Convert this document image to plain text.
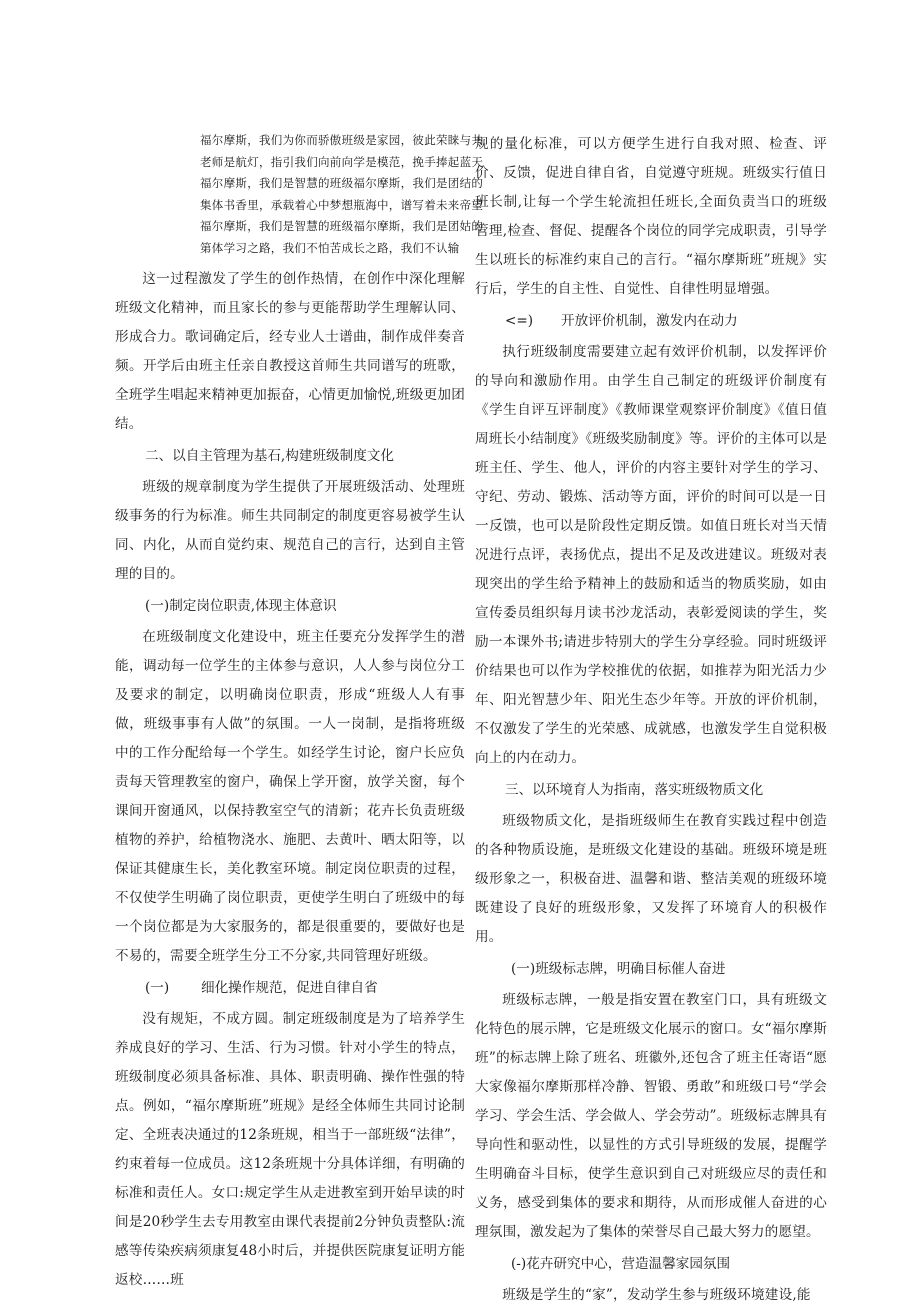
福尔摩斯，我们为你而骄傲班级是家园，彼此荣睐与共

老师是航灯，指引我们向前向学是模范，挽手捧起蓝天

福尔摩斯，我们是智慧的班级福尔摩斯，我们是团结的

集体书香里，承载着心中梦想瓶海中，谱写着未来帝望

福尔摩斯，我们是智慧的班级福尔摩斯，我们是团姑的

第体学习之路，我们不怕苦成长之路，我们不认输

这一过程激发了学生的创作热情，在创作中深化理解班级文化精神，而且家长的参与更能帮助学生理解认同、形成合力。歌词确定后，经专业人士谱曲，制作成伴奏音频。开学后由班主任亲自教授这首师生共同谱写的班歌，全班学生唱起来精神更加振奋，心情更加愉悦,班级更加团结。

二、以自主管理为基石,构建班级制度文化

班级的规章制度为学生提供了开展班级活动、处理班级事务的行为标准。师生共同制定的制度更容易被学生认同、内化，从而自觉约束、规范自己的言行，达到自主管理的目的。

(一)制定岗位职责,体现主体意识

在班级制度文化建设中，班主任要充分发挥学生的潜能，调动每一位学生的主体参与意识，人人参与岗位分工及要求的制定，以明确岗位职责，形成“班级人人有事做，班级事事有人做”的氛围。一人一岗制，是指将班级中的工作分配给每一个学生。如经学生讨论，窗户长应负责每天管理教室的窗户，确保上学开窗，放学关窗，每个课间开窗通风，以保持教室空气的清新；花卉长负责班级植物的养护，给植物浇水、施肥、去黄叶、晒太阳等，以保证其健康生长，美化教室环境。制定岗位职责的过程，不仅使学生明确了岗位职责，更使学生明白了班级中的每一个岗位都是为大家服务的，都是很重要的，要做好也是不易的，需要全班学生分工不分家,共同管理好班级。

(一) 细化操作规范，促进自律自省

没有规矩，不成方圆。制定班级制度是为了培养学生养成良好的学习、生活、行为习惯。针对小学生的特点，班级制度必须具备标准、具体、职责明确、操作性强的特点。例如，“福尔摩斯班”班规》是经全体师生共同讨论制定、全班表决通过的12条班规，相当于一部班级“法律”，约束着每一位成员。这12条班规十分具体详细，有明确的标准和责任人。女口:规定学生从走进教室到开始早读的时间是20秒学生去专用教室由课代表提前2分钟负责整队:流感等传染疾病须康复48小时后，并提供医院康复证明方能返校……班

规的量化标准，可以方便学生进行自我对照、检查、评价、反馈，促进自律自省，自觉遵守班规。班级实行值日班长制,让每一个学生轮流担任班长,全面负责当口的班级管理,检查、督促、提醒各个岗位的同学完成职责，引导学生以班长的标准约束自己的言行。“福尔摩斯班”班规》实行后，学生的自主性、自觉性、自律性明显增强。

<=) 开放评价机制，激发内在动力

执行班级制度需要建立起有效评价机制，以发挥评价的导向和激励作用。由学生自己制定的班级评价制度有《学生自评互评制度》《教师课堂观察评价制度》《值日值周班长小结制度》《班级奖励制度》等。评价的主体可以是班主任、学生、他人，评价的内容主要针对学生的学习、守纪、劳动、锻炼、活动等方面，评价的时间可以是一日一反馈，也可以是阶段性定期反馈。如值日班长对当天情况进行点评，表扬优点，提出不足及改进建议。班级对表现突出的学生给予精神上的鼓励和适当的物质奖励，如由宣传委员组织每月读书沙龙活动，表彰爱阅读的学生，奖励一本课外书;请进步特别大的学生分享经验。同时班级评价结果也可以作为学校推优的依据，如推荐为阳光活力少年、阳光智慧少年、阳光生态少年等。开放的评价机制，不仅激发了学生的光荣感、成就感，也激发学生自觉积极向上的内在动力。

三、以环境育人为指南，落实班级物质文化

班级物质文化，是指班级师生在教育实践过程中创造的各种物质设施，是班级文化建设的基础。班级环境是班级形象之一，积极奋进、温馨和谐、整洁美观的班级环境既建设了良好的班级形象，又发挥了环境育人的积极作用。

(一)班级标志牌，明确目标催人奋进

班级标志牌，一般是指安置在教室门口，具有班级文化特色的展示牌，它是班级文化展示的窗口。女“福尔摩斯班”的标志牌上除了班名、班徽外,还包含了班主任寄语“愿大家像福尔摩斯那样冷静、智锻、勇敢”和班级口号“学会学习、学会生活、学会做人、学会劳动”。班级标志牌具有导向性和驱动性，以显性的方式引导班级的发展，提醒学生明确奋斗目标，使学生意识到自己对班级应尽的责任和义务，感受到集体的要求和期待，从而形成催人奋进的心理氛围，激发起为了集体的荣誉尽自己最大努力的愿望。

(-)花卉研究中心，营造温馨家园氛围

班级是学生的“家”，发动学生参与班级环境建设,能
